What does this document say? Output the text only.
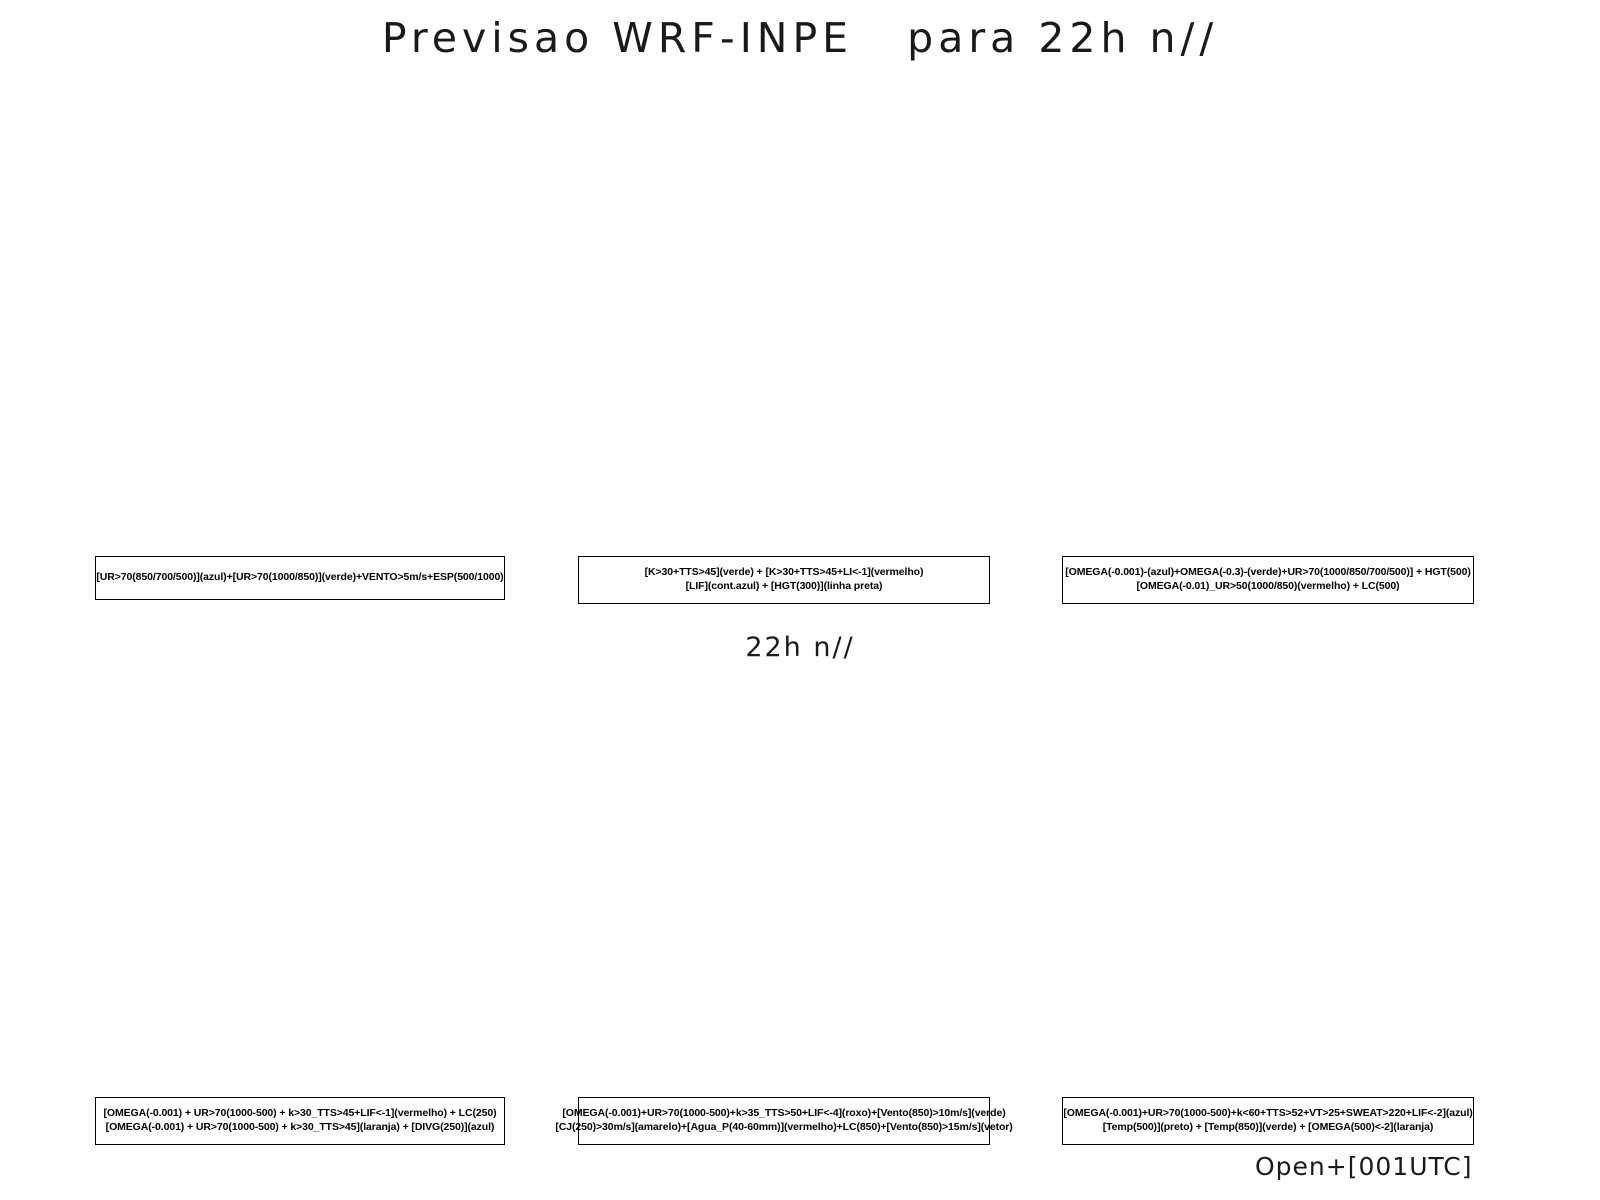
Previsao WRF-INPE   para 22h n//
[UR>70(850/700/500)](azul)+[UR>70(1000/850)](verde)+VENTO>5m/s+ESP(500/1000)	[K>30+TTS>45](verde) + [K>30+TTS>45+LI<-1](vermelho)
[LIF](cont.azul) + [HGT(300)](linha preta)
[OMEGA(-0.001)-(azul)+OMEGA(-0.3)-(verde)+UR>70(1000/850/700/500)] + HGT(500)
[OMEGA(-0.01)_UR>50(1000/850)(vermelho) + LC(500)
22h n//
[OMEGA(-0.001) + UR>70(1000-500) + k>30_TTS>45+LIF<-1](vermelho) + LC(250)
[OMEGA(-0.001) + UR>70(1000-500) + k>30_TTS>45](laranja) + [DIVG(250)](azul)
[OMEGA(-0.001)+UR>70(1000-500)+k>35_TTS>50+LIF<-4](roxo)+[Vento(850)>10m/s](verde)
[CJ(250)>30m/s](amarelo)+[Agua_P(40-60mm)](vermelho)+LC(850)+[Vento(850)>15m/s](vetor)
[OMEGA(-0.001)+UR>70(1000-500)+k<60+TTS>52+VT>25+SWEAT>220+LIF<-2](azul)
[Temp(500)](preto) + [Temp(850)](verde) + [OMEGA(500)<-2](laranja)
Open+[001UTC]
